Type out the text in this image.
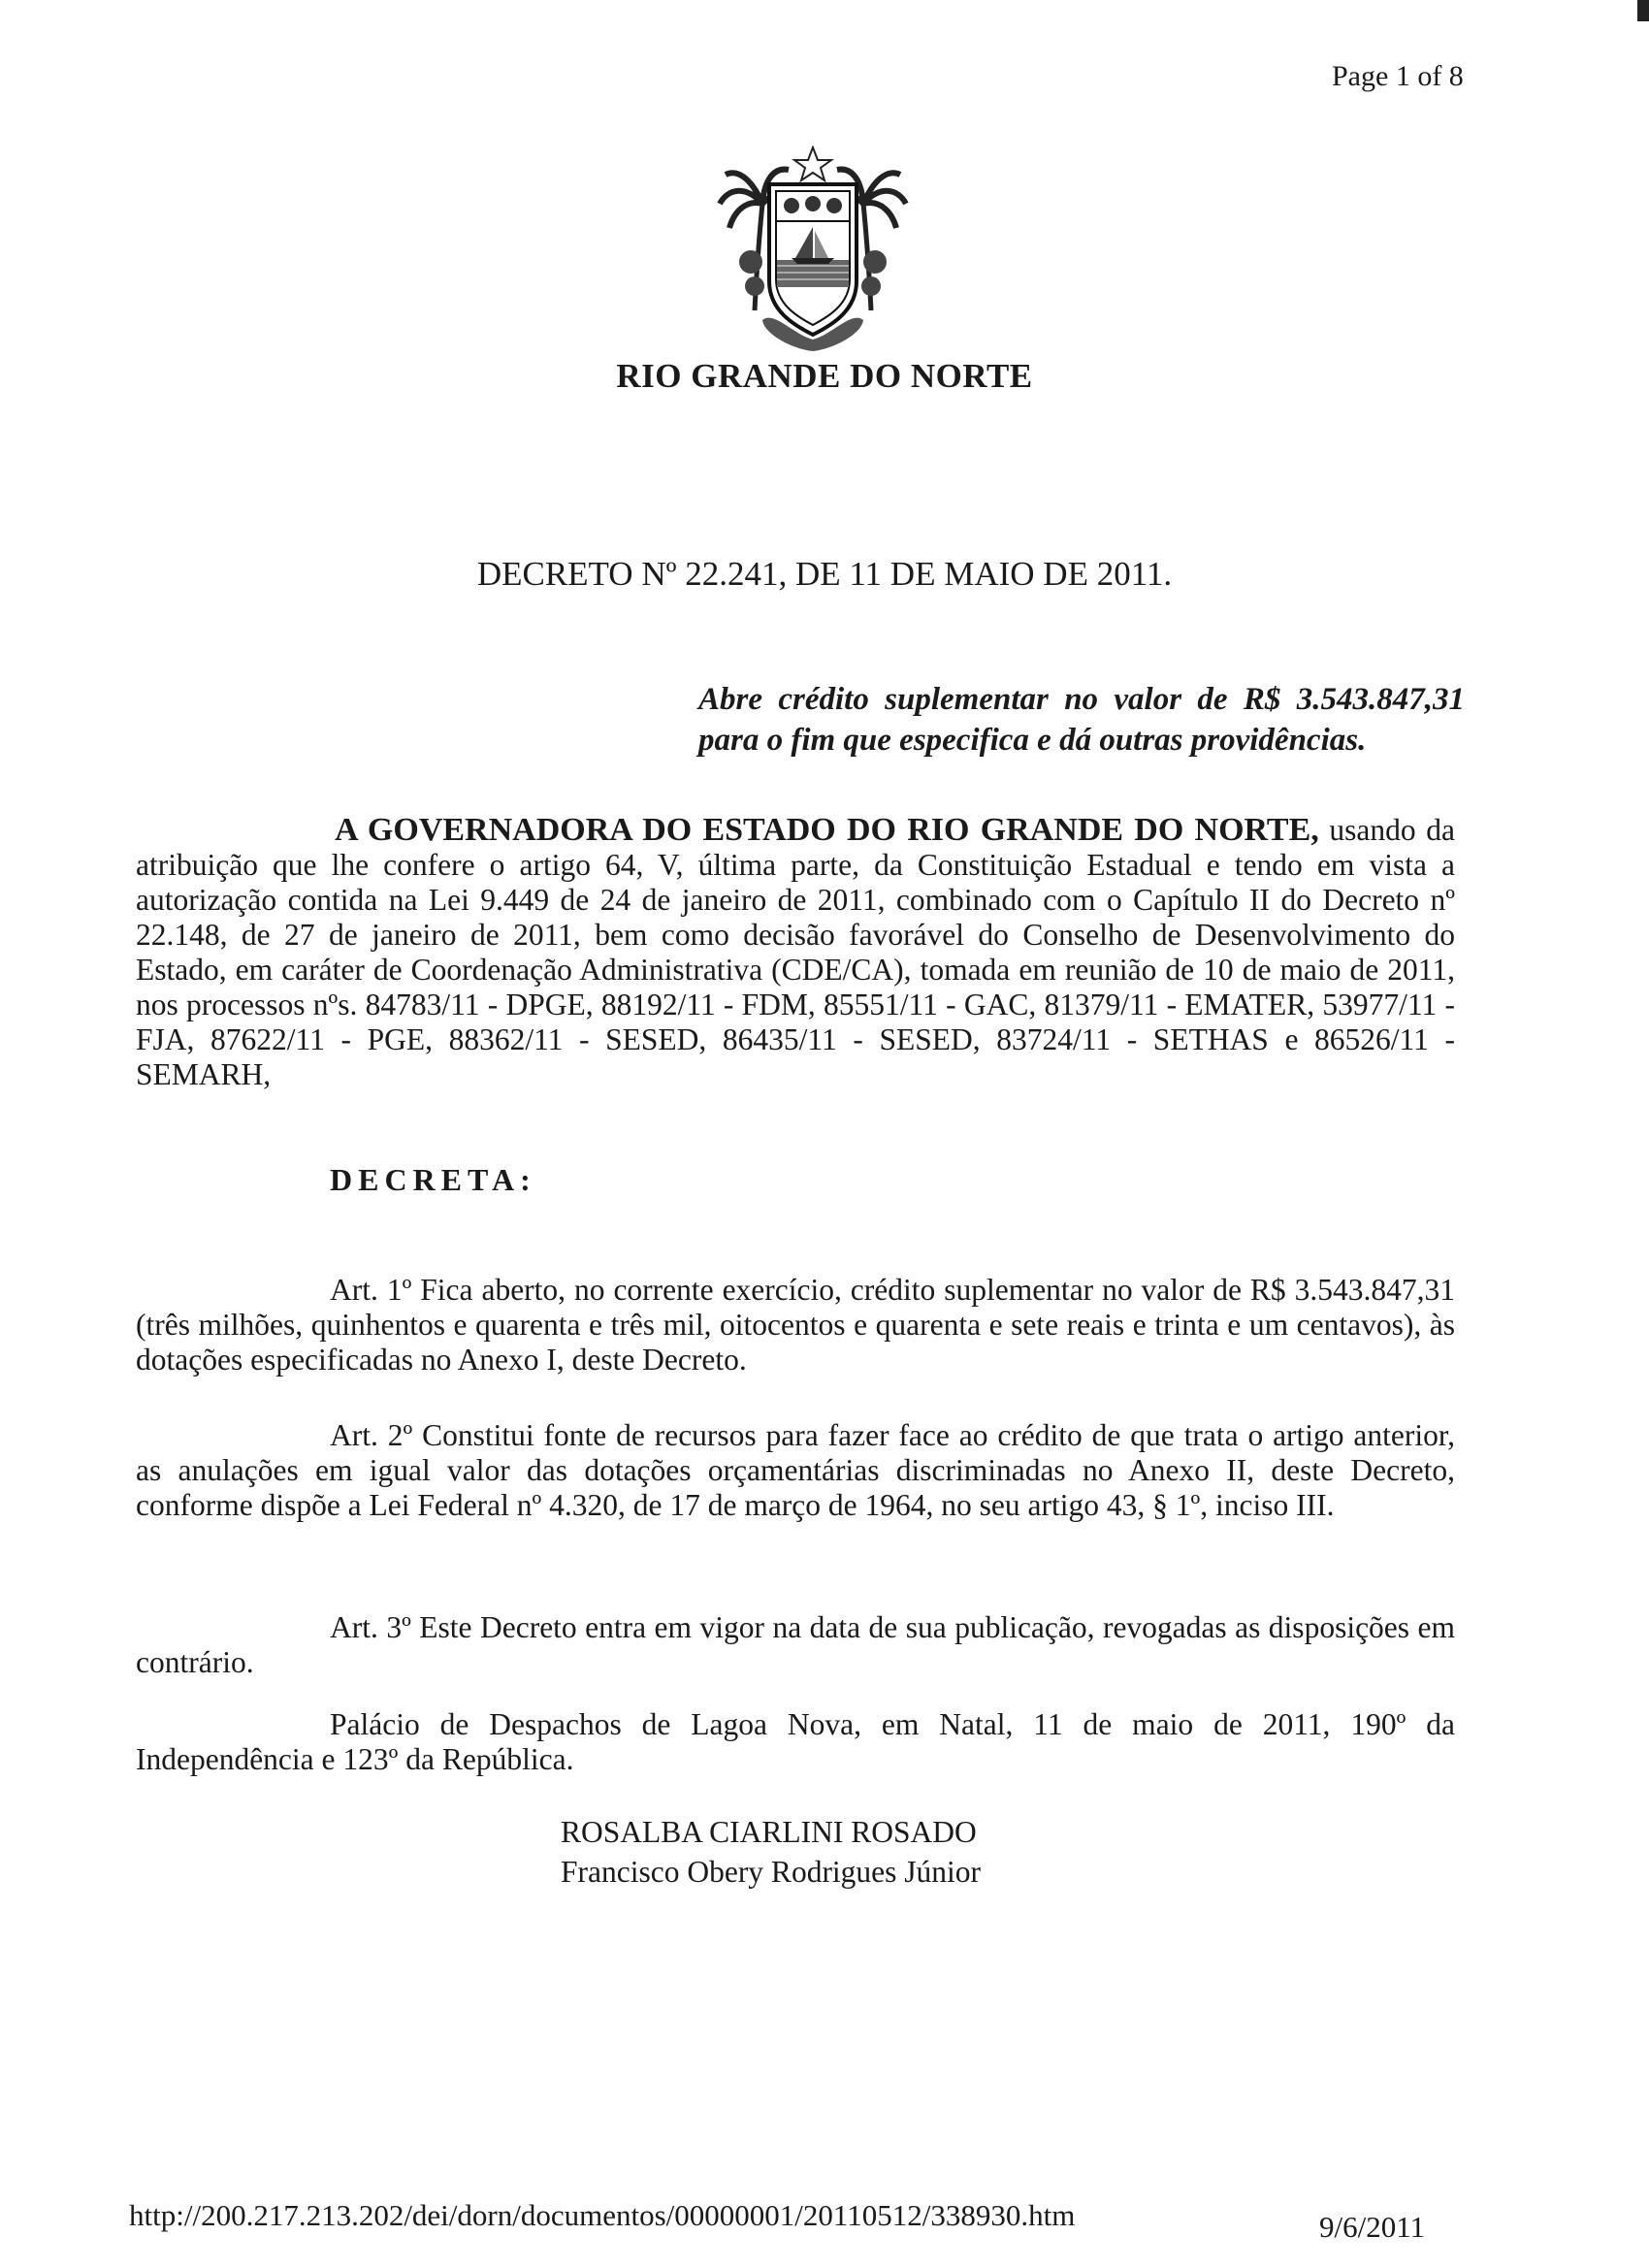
Page 1 of 8
RIO GRANDE DO NORTE
DECRETO Nº 22.241, DE 11 DE MAIO DE 2011.
Abre crédito suplementar no valor de R$ 3.543.847,31 para o fim que especifica e dá outras providências.
A GOVERNADORA DO ESTADO DO RIO GRANDE DO NORTE, usando da atribuição que lhe confere o artigo 64, V, última parte, da Constituição Estadual e tendo em vista a autorização contida na Lei 9.449 de 24 de janeiro de 2011, combinado com o Capítulo II do Decreto nº 22.148, de 27 de janeiro de 2011, bem como decisão favorável do Conselho de Desenvolvimento do Estado, em caráter de Coordenação Administrativa (CDE/CA), tomada em reunião de 10 de maio de 2011, nos processos nºs. 84783/11 - DPGE, 88192/11 - FDM, 85551/11 - GAC, 81379/11 - EMATER, 53977/11 - FJA, 87622/11 - PGE, 88362/11 - SESED, 86435/11 - SESED, 83724/11 - SETHAS e 86526/11 - SEMARH,
DECRETA:
Art. 1º Fica aberto, no corrente exercício, crédito suplementar no valor de R$ 3.543.847,31 (três milhões, quinhentos e quarenta e três mil, oitocentos e quarenta e sete reais e trinta e um centavos), às dotações especificadas no Anexo I, deste Decreto.
Art. 2º Constitui fonte de recursos para fazer face ao crédito de que trata o artigo anterior, as anulações em igual valor das dotações orçamentárias discriminadas no Anexo II, deste Decreto, conforme dispõe a Lei Federal nº 4.320, de 17 de março de 1964, no seu artigo 43, § 1º, inciso III.
Art. 3º Este Decreto entra em vigor na data de sua publicação, revogadas as disposições em contrário.
Palácio de Despachos de Lagoa Nova, em Natal, 11 de maio de 2011, 190º da Independência e 123º da República.
ROSALBA CIARLINI ROSADO
Francisco Obery Rodrigues Júnior
http://200.217.213.202/dei/dorn/documentos/00000001/20110512/338930.htm	9/6/2011
